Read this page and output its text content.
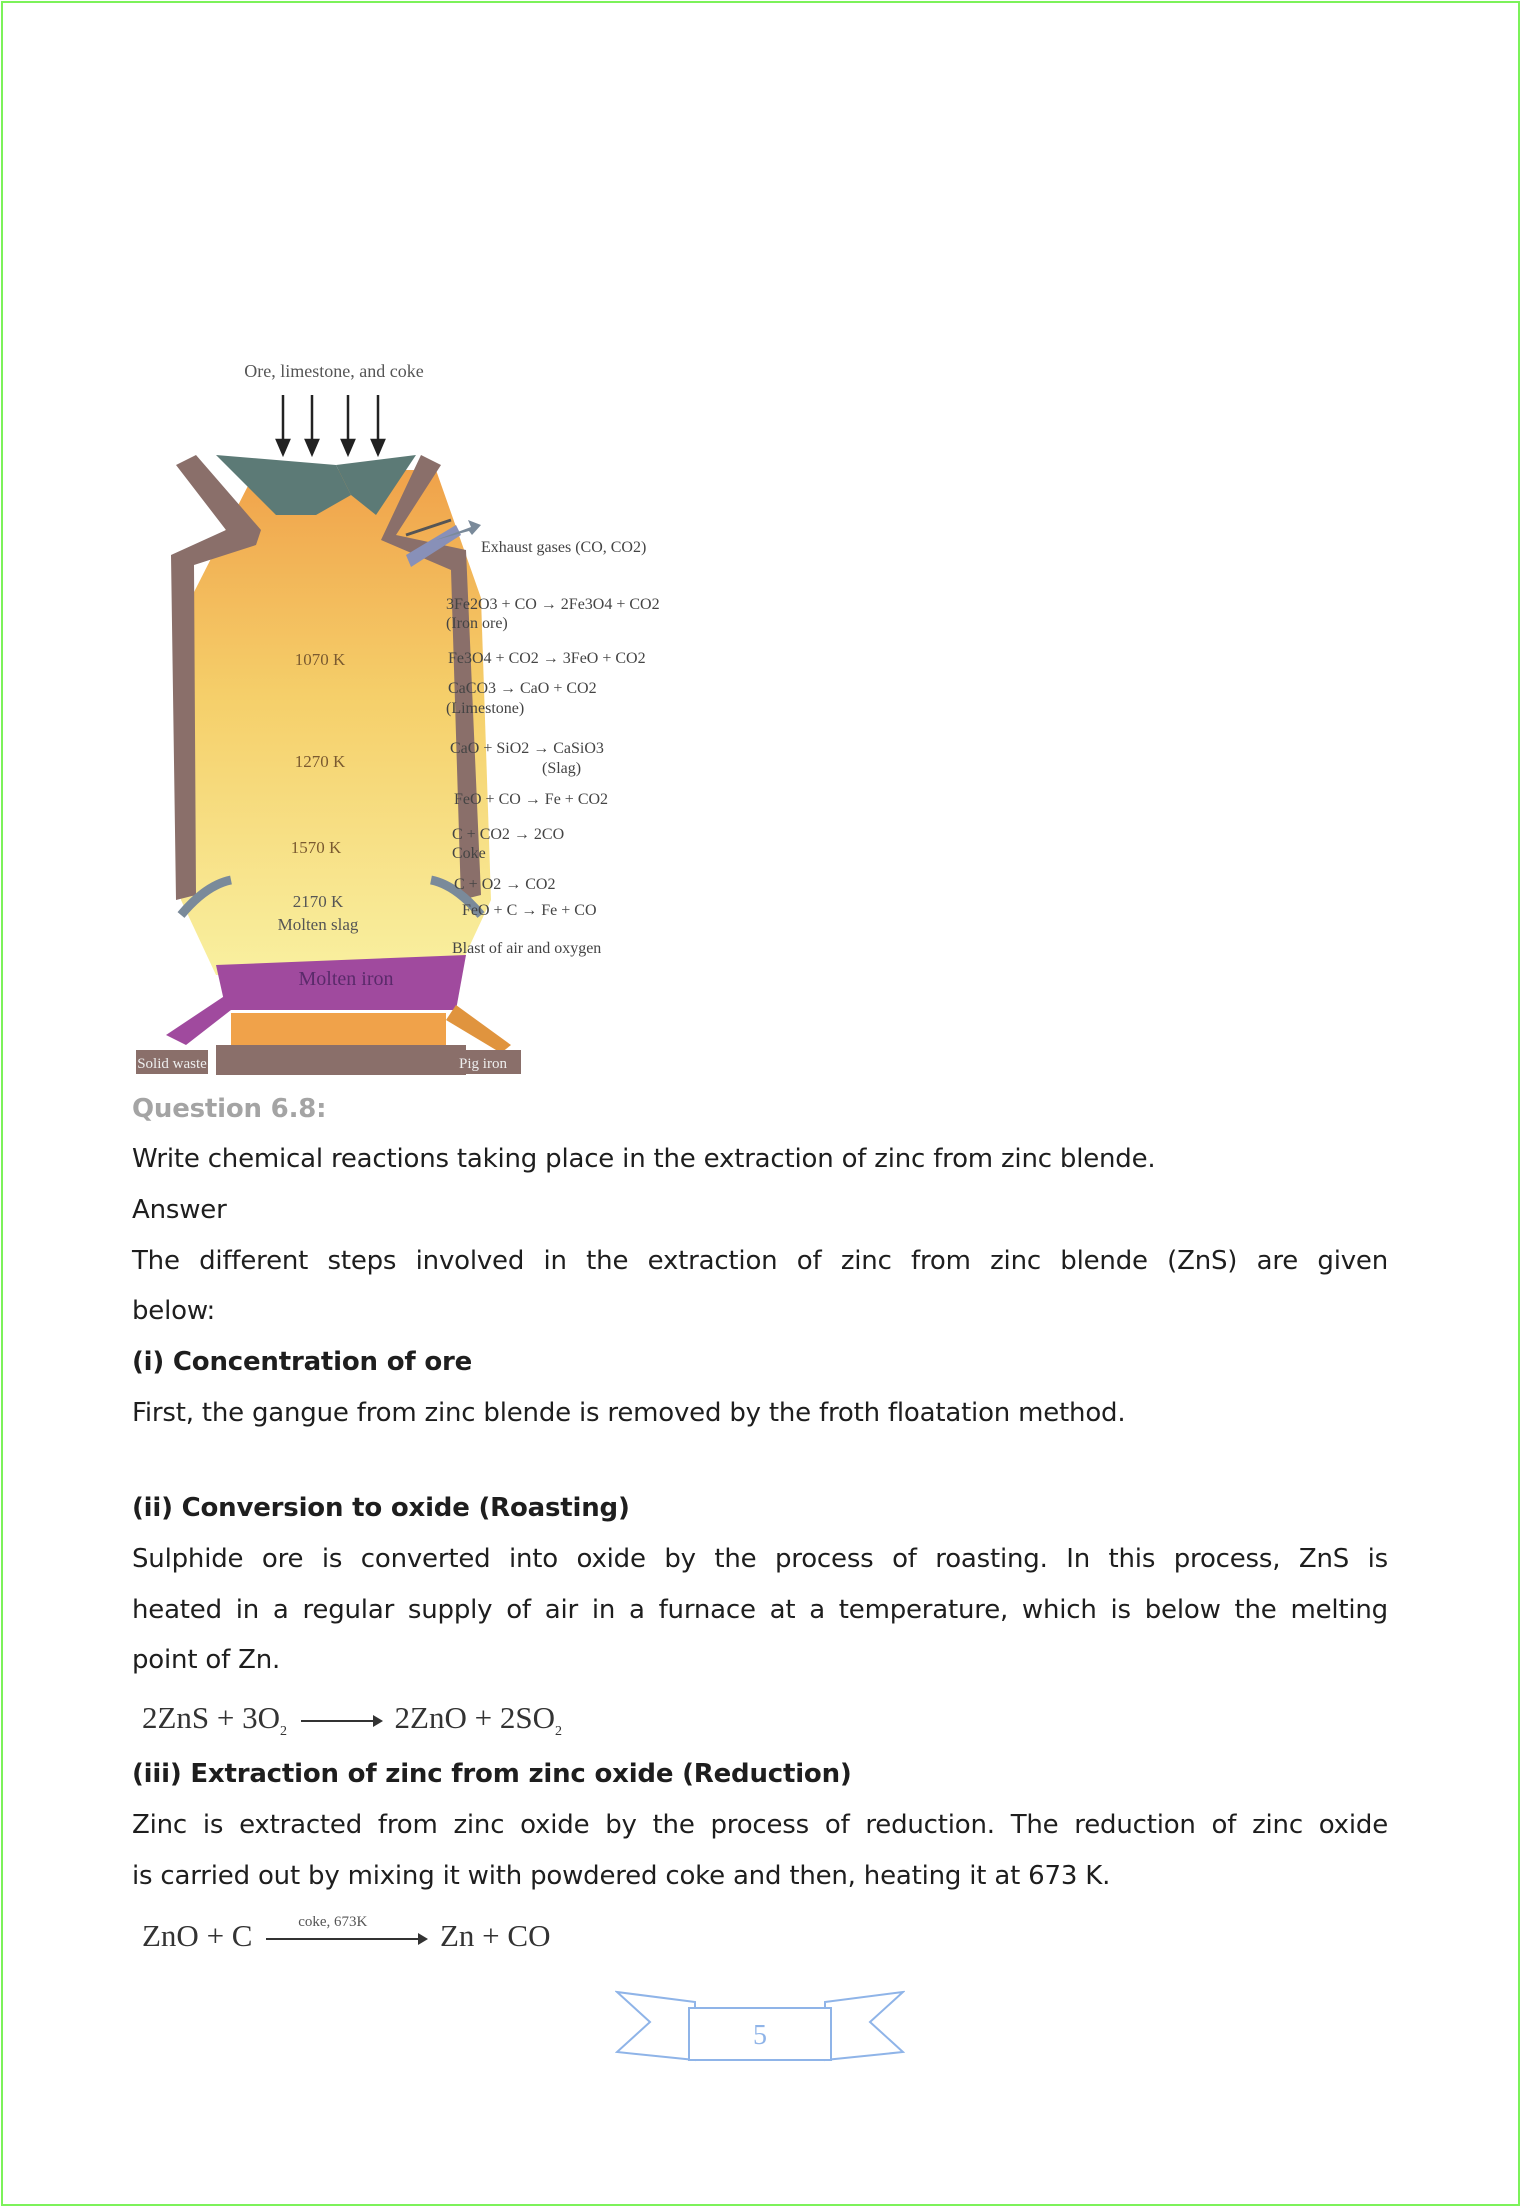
Ore, limestone, and coke
Solid waste	Pig iron
Molten iron
1070 K
1270 K
1570 K
2170 K
Molten slag
Exhaust gases (CO, CO2)
3Fe2O3 + CO → 2Fe3O4 + CO2
(Iron ore)
Fe3O4 + CO2 → 3FeO + CO2
CaCO3 → CaO + CO2
(Limestone)
CaO + SiO2 → CaSiO3
(Slag)
FeO + CO → Fe + CO2
C + CO2 → 2CO
Coke
C + O2 → CO2
FeO + C → Fe + CO
Blast of air and oxygen
Question 6.8:
Write chemical reactions taking place in the extraction of zinc from zinc blende.
Answer
The different steps involved in the extraction of zinc from zinc blende (ZnS) are given
below:
(i) Concentration of ore
First, the gangue from zinc blende is removed by the froth floatation method.
(ii) Conversion to oxide (Roasting)
Sulphide ore is converted into oxide by the process of roasting. In this process, ZnS is
heated in a regular supply of air in a furnace at a temperature, which is below the melting
point of Zn.
$2ZnS + 3O_2$	$2ZnO + 2SO_2$
(iii) Extraction of zinc from zinc oxide (Reduction)
Zinc is extracted from zinc oxide by the process of reduction. The reduction of zinc oxide
is carried out by mixing it with powdered coke and then, heating it at 673 K.
ZnO + C	coke, 673K Zn + CO
5
